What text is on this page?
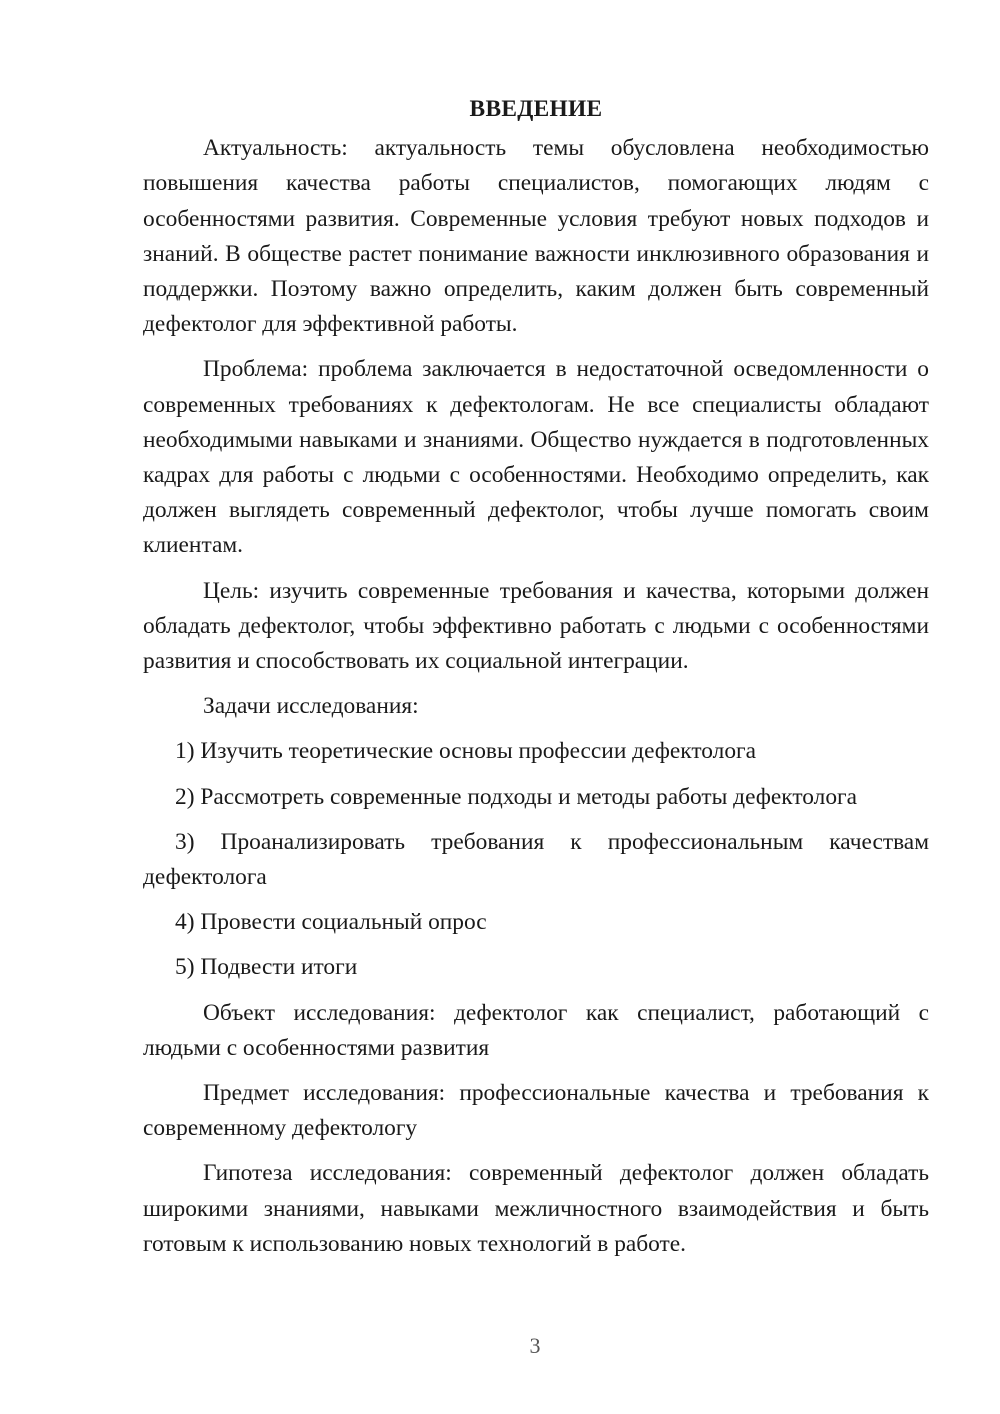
ВВЕДЕНИЕ

Актуальность: актуальность темы обусловлена необходимостью повышения качества работы специалистов, помогающих людям с особенностями развития. Современные условия требуют новых подходов и знаний. В обществе растет понимание важности инклюзивного образования и поддержки. Поэтому важно определить, каким должен быть современный дефектолог для эффективной работы.

Проблема: проблема заключается в недостаточной осведомленности о современных требованиях к дефектологам. Не все специалисты обладают необходимыми навыками и знаниями. Общество нуждается в подготовленных кадрах для работы с людьми с особенностями. Необходимо определить, как должен выглядеть современный дефектолог, чтобы лучше помогать своим клиентам.

Цель: изучить современные требования и качества, которыми должен обладать дефектолог, чтобы эффективно работать с людьми с особенностями развития и способствовать их социальной интеграции.

Задачи исследования:

1) Изучить теоретические основы профессии дефектолога
2) Рассмотреть современные подходы и методы работы дефектолога
3) Проанализировать требования к профессиональным качествам дефектолога
4) Провести социальный опрос
5) Подвести итоги

Объект исследования: дефектолог как специалист, работающий с людьми с особенностями развития

Предмет исследования: профессиональные качества и требования к современному дефектологу

Гипотеза исследования: современный дефектолог должен обладать широкими знаниями, навыками межличностного взаимодействия и быть готовым к использованию новых технологий в работе.

3
